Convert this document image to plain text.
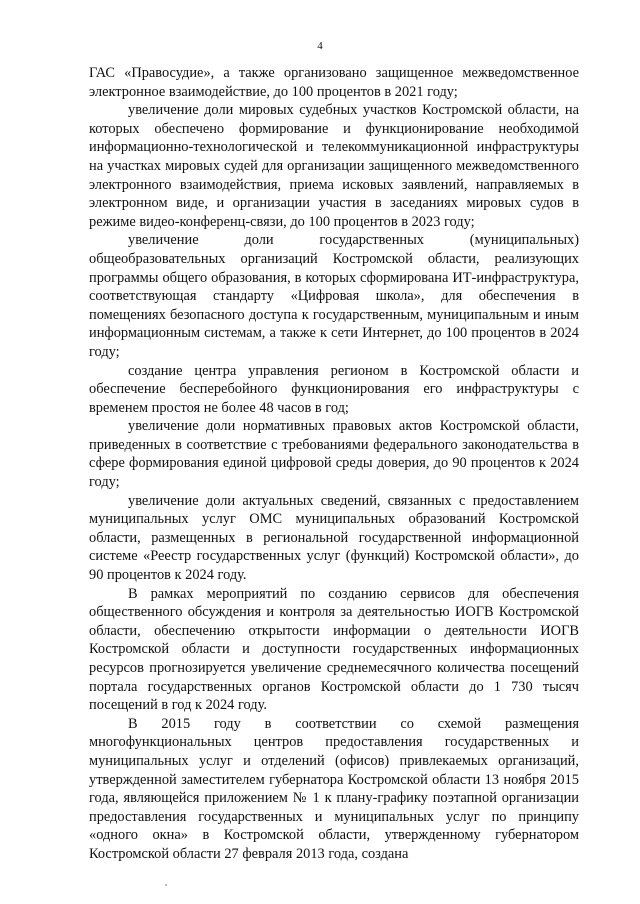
4

ГАС «Правосудие», а также организовано защищенное межведомственное электронное взаимодействие, до 100 процентов в 2021 году;

увеличение доли мировых судебных участков Костромской области, на которых обеспечено формирование и функционирование необходимой информационно-технологической и телекоммуникационной инфраструктуры на участках мировых судей для организации защищенного межведомственного электронного взаимодействия, приема исковых заявлений, направляемых в электронном виде, и организации участия в заседаниях мировых судов в режиме видео-конференц-связи, до 100 процентов в 2023 году;

увеличение доли государственных (муниципальных) общеобразовательных организаций Костромской области, реализующих программы общего образования, в которых сформирована ИТ-инфраструктура, соответствующая стандарту «Цифровая школа», для обеспечения в помещениях безопасного доступа к государственным, муниципальным и иным информационным системам, а также к сети Интернет, до 100 процентов в 2024 году;

создание центра управления регионом в Костромской области и обеспечение бесперебойного функционирования его инфраструктуры с временем простоя не более 48 часов в год;

увеличение доли нормативных правовых актов Костромской области, приведенных в соответствие с требованиями федерального законодательства в сфере формирования единой цифровой среды доверия, до 90 процентов к 2024 году;

увеличение доли актуальных сведений, связанных с предоставлением муниципальных услуг ОМС муниципальных образований Костромской области, размещенных в региональной государственной информационной системе «Реестр государственных услуг (функций) Костромской области», до 90 процентов к 2024 году.

В рамках мероприятий по созданию сервисов для обеспечения общественного обсуждения и контроля за деятельностью ИОГВ Костромской области, обеспечению открытости информации о деятельности ИОГВ Костромской области и доступности государственных информационных ресурсов прогнозируется увеличение среднемесячного количества посещений портала государственных органов Костромской области до 1 730 тысяч посещений в год к 2024 году.

В 2015 году в соответствии со схемой размещения многофункциональных центров предоставления государственных и муниципальных услуг и отделений (офисов) привлекаемых организаций, утвержденной заместителем губернатора Костромской области 13 ноября 2015 года, являющейся приложением № 1 к плану-графику поэтапной организации предоставления государственных и муниципальных услуг по принципу «одного окна» в Костромской области, утвержденному губернатором Костромской области 27 февраля 2013 года, создана
